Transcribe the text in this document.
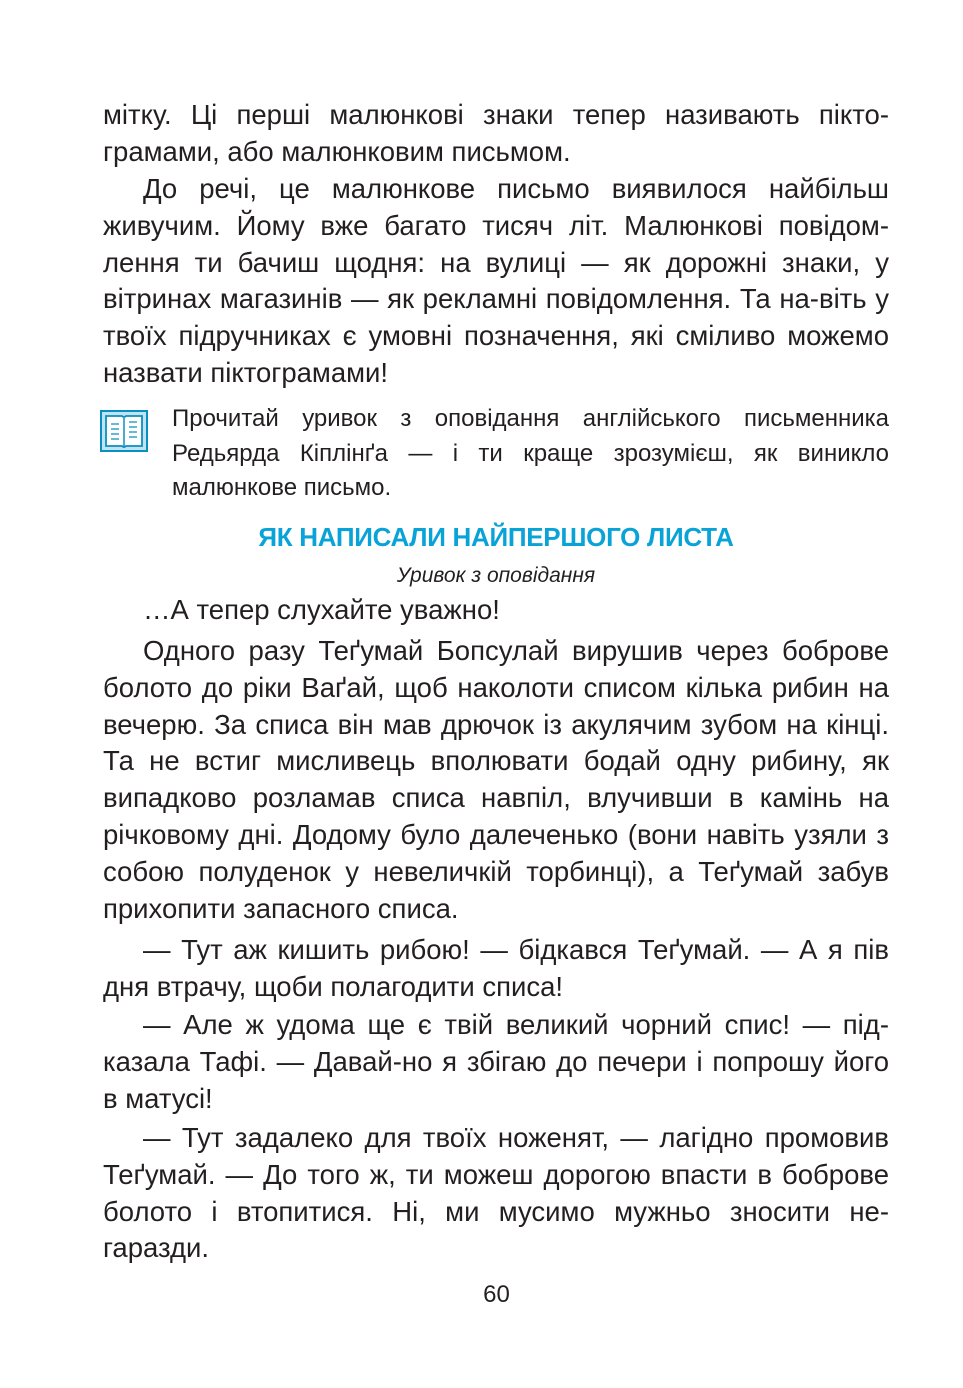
мітку. Ці перші малюнкові знаки тепер називають пікто-грамами, або малюнковим письмом.

До речі, це малюнкове письмо виявилося найбільш живучим. Йому вже багато тисяч літ. Малюнкові повідом-лення ти бачиш щодня: на вулиці — як дорожні знаки, у вітринах магазинів — як рекламні повідомлення. Та на-віть у твоїх підручниках є умовні позначення, які сміливо можемо назвати піктограмами!

Прочитай уривок з оповідання англійського письменника Редьярда Кіплінґа — і ти краще зрозумієш, як виникло малюнкове письмо.

ЯК НАПИСАЛИ НАЙПЕРШОГО ЛИСТА

Уривок з оповідання

…А тепер слухайте уважно!

Одного разу Теґумай Бопсулай вирушив через боброве болото до ріки Ваґай, щоб наколоти списом кілька рибин на вечерю. За списа він мав дрючок із акулячим зубом на кінці. Та не встиг мисливець вполювати бодай одну рибину, як випадково розламав списа навпіл, влучивши в камінь на річковому дні. Додому було далеченько (вони навіть узяли з собою полуденок у невеличкій торбинці), а Теґумай забув прихопити запасного списа.

— Тут аж кишить рибою! — бідкався Теґумай. — А я пів дня втрачу, щоби полагодити списа!

— Але ж удома ще є твій великий чорний спис! — під-казала Тафі. — Давай-но я збігаю до печери і попрошу його в матусі!

— Тут задалеко для твоїх ноженят, — лагідно промовив Теґумай. — До того ж, ти можеш дорогою впасти в боброве болото і втопитися. Ні, ми мусимо мужньо зносити не-гаразди.

60
